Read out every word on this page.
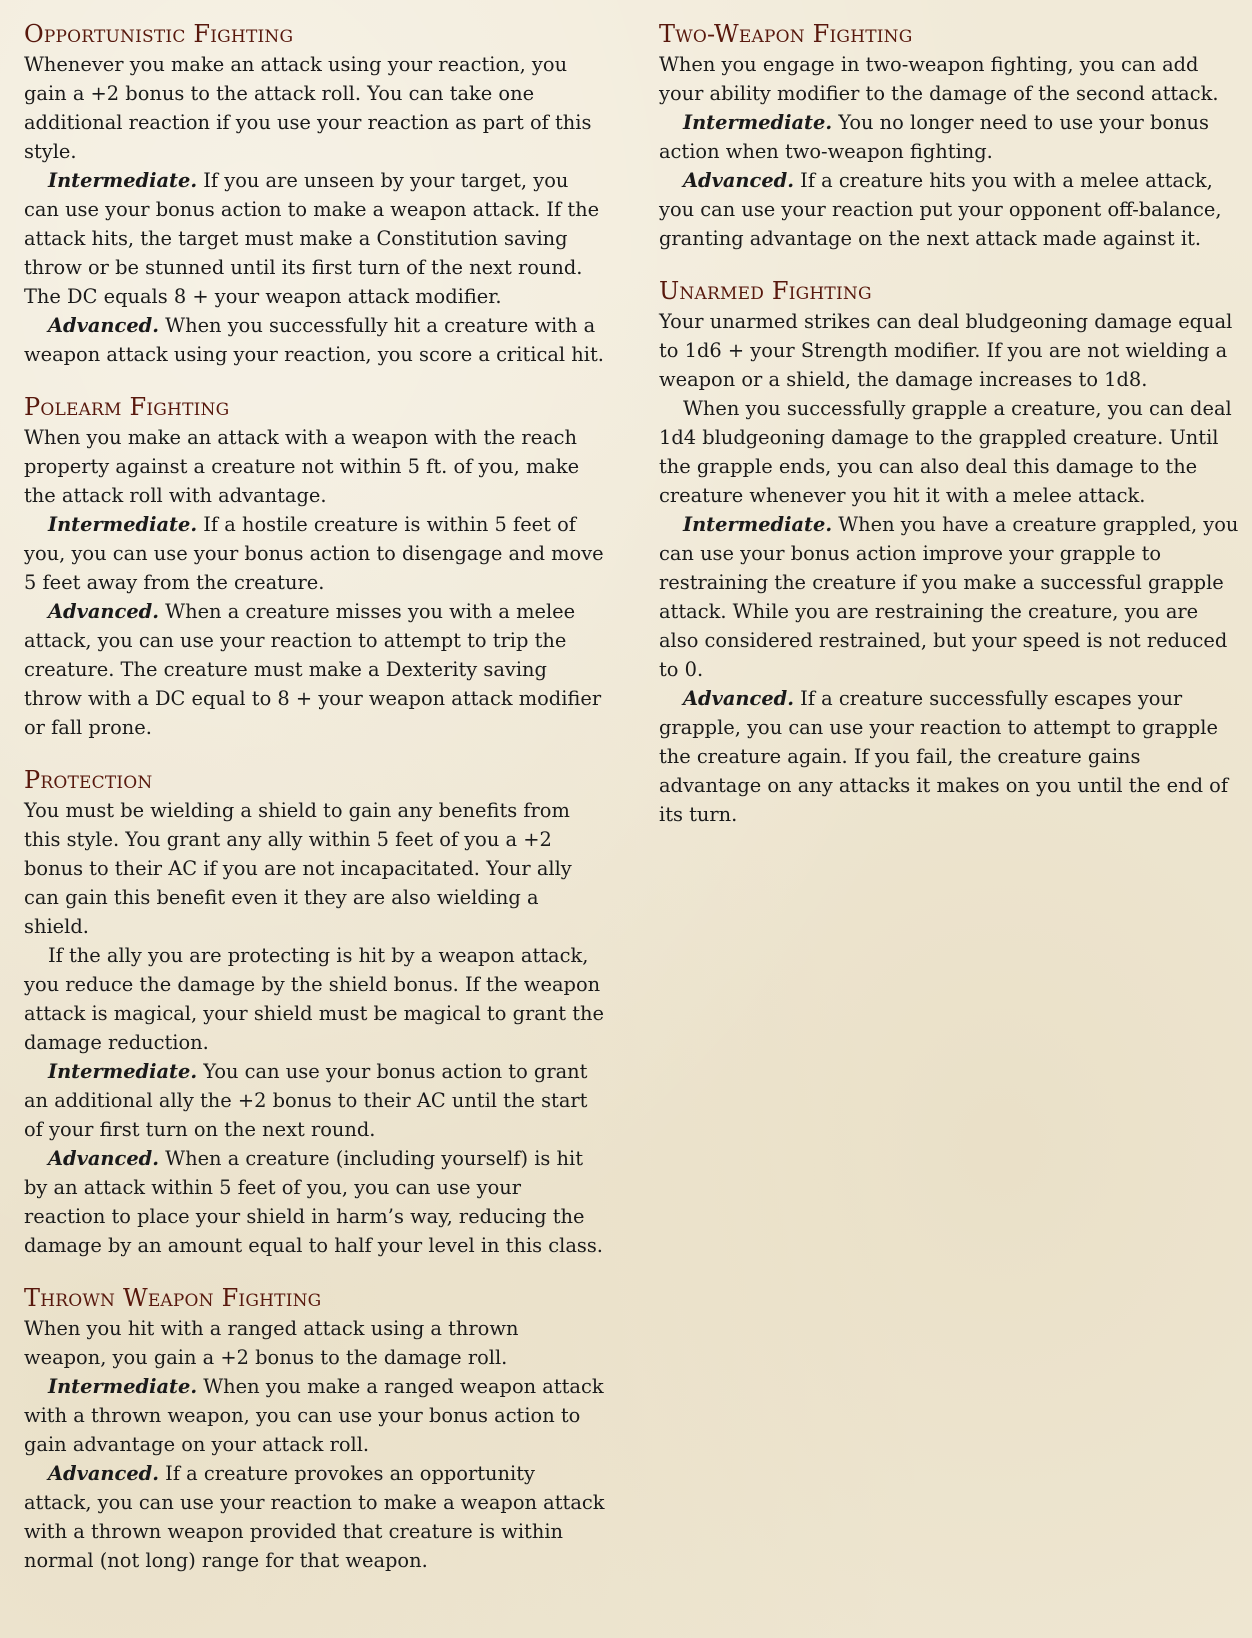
Opportunistic Fighting

Whenever you make an attack using your reaction, you gain a +2 bonus to the attack roll. You can take one additional reaction if you use your reaction as part of this style.

Intermediate. If you are unseen by your target, you can use your bonus action to make a weapon attack. If the attack hits, the target must make a Constitution saving throw or be stunned until its first turn of the next round. The DC equals 8 + your weapon attack modifier.

Advanced. When you successfully hit a creature with a weapon attack using your reaction, you score a critical hit.

Polearm Fighting

When you make an attack with a weapon with the reach property against a creature not within 5 ft. of you, make the attack roll with advantage.

Intermediate. If a hostile creature is within 5 feet of you, you can use your bonus action to disengage and move 5 feet away from the creature.

Advanced. When a creature misses you with a melee attack, you can use your reaction to attempt to trip the creature. The creature must make a Dexterity saving throw with a DC equal to 8 + your weapon attack modifier or fall prone.

Protection

You must be wielding a shield to gain any benefits from this style. You grant any ally within 5 feet of you a +2 bonus to their AC if you are not incapacitated. Your ally can gain this benefit even it they are also wielding a shield.

If the ally you are protecting is hit by a weapon attack, you reduce the damage by the shield bonus. If the weapon attack is magical, your shield must be magical to grant the damage reduction.

Intermediate. You can use your bonus action to grant an additional ally the +2 bonus to their AC until the start of your first turn on the next round.

Advanced. When a creature (including yourself) is hit by an attack within 5 feet of you, you can use your reaction to place your shield in harm’s way, reducing the damage by an amount equal to half your level in this class.

Thrown Weapon Fighting

When you hit with a ranged attack using a thrown weapon, you gain a +2 bonus to the damage roll.

Intermediate. When you make a ranged weapon attack with a thrown weapon, you can use your bonus action to gain advantage on your attack roll.

Advanced. If a creature provokes an opportunity attack, you can use your reaction to make a weapon attack with a thrown weapon provided that creature is within normal (not long) range for that weapon.

Two-Weapon Fighting

When you engage in two-weapon fighting, you can add your ability modifier to the damage of the second attack.

Intermediate. You no longer need to use your bonus action when two-weapon fighting.

Advanced. If a creature hits you with a melee attack, you can use your reaction put your opponent off-balance, granting advantage on the next attack made against it.

Unarmed Fighting

Your unarmed strikes can deal bludgeoning damage equal to 1d6 + your Strength modifier. If you are not wielding a weapon or a shield, the damage increases to 1d8.

When you successfully grapple a creature, you can deal 1d4 bludgeoning damage to the grappled creature. Until the grapple ends, you can also deal this damage to the creature whenever you hit it with a melee attack.

Intermediate. When you have a creature grappled, you can use your bonus action improve your grapple to restraining the creature if you make a successful grapple attack. While you are restraining the creature, you are also considered restrained, but your speed is not reduced to 0.

Advanced. If a creature successfully escapes your grapple, you can use your reaction to attempt to grapple the creature again. If you fail, the creature gains advantage on any attacks it makes on you until the end of its turn.
